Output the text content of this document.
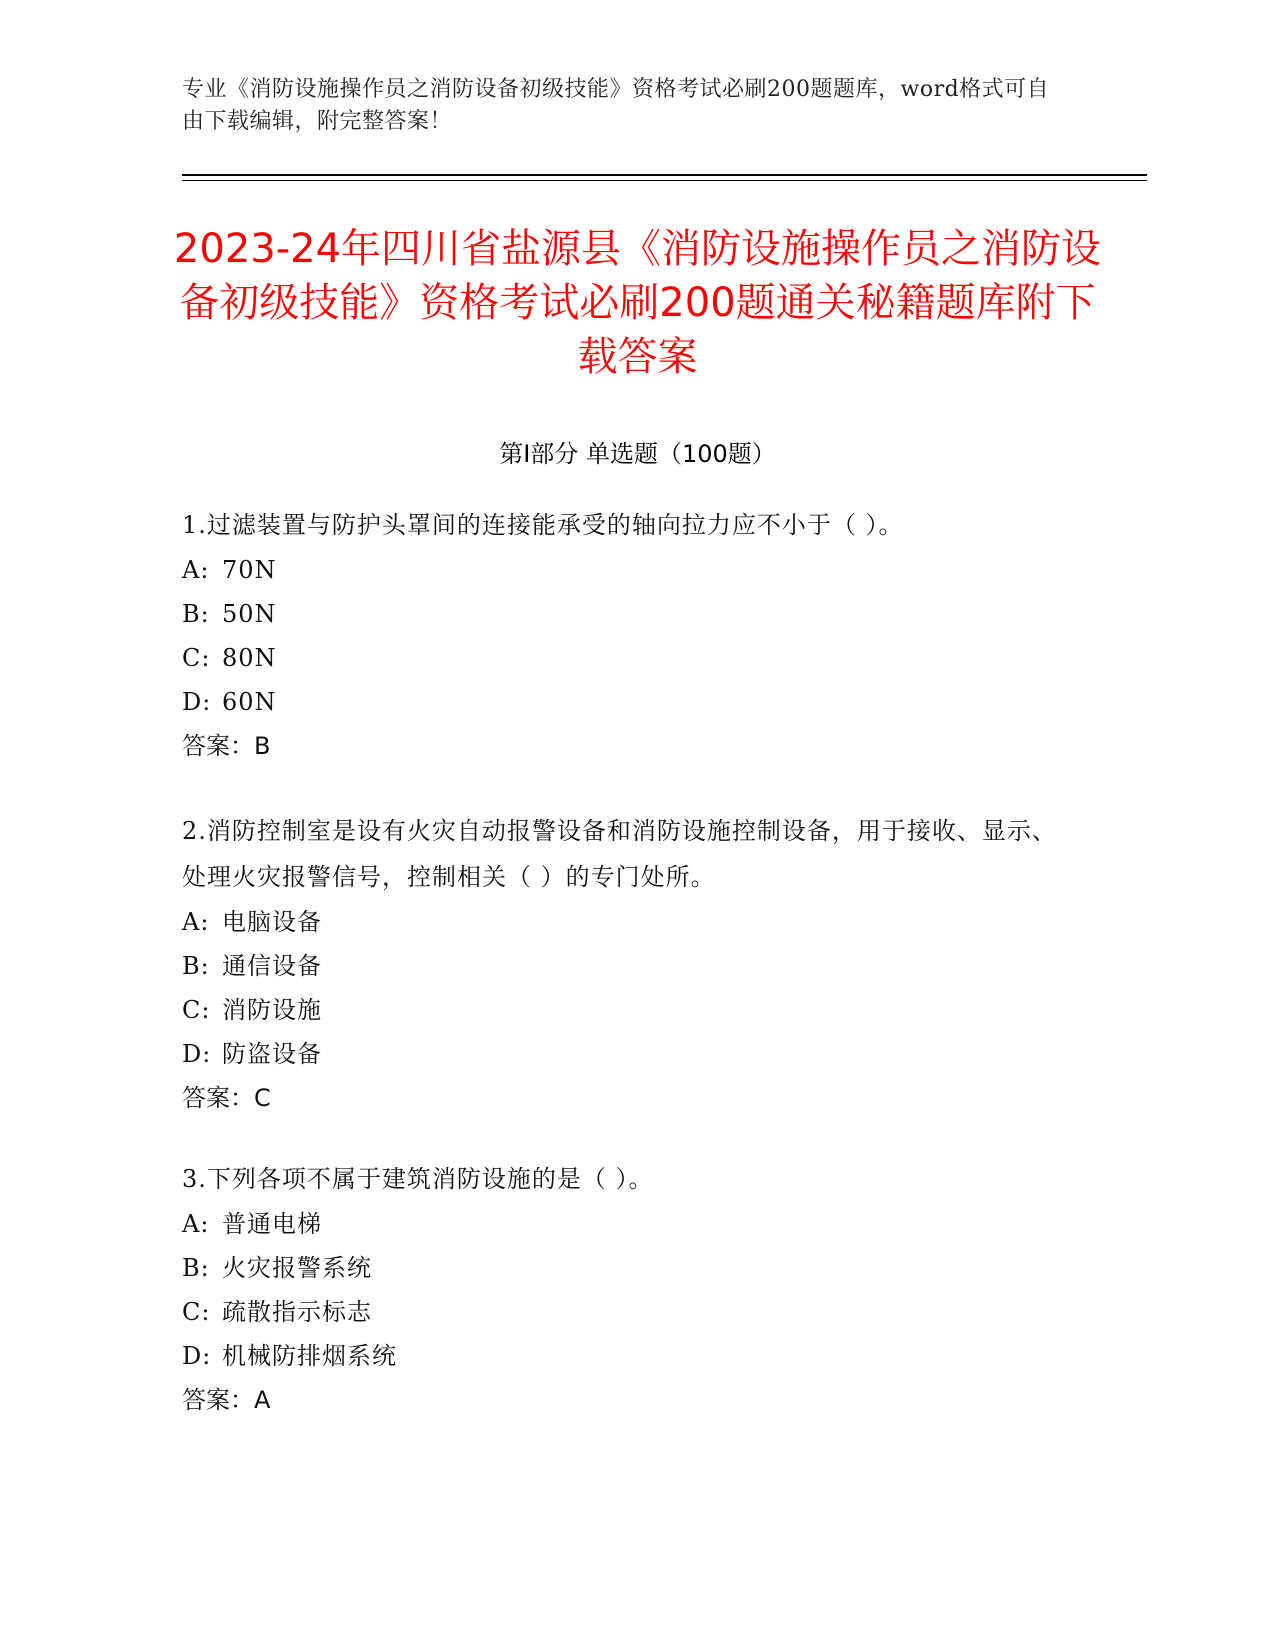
专业《消防设施操作员之消防设备初级技能》资格考试必刷200题题库，word格式可自由下载编辑，附完整答案！
2023-24年四川省盐源县《消防设施操作员之消防设备初级技能》资格考试必刷200题通关秘籍题库附下载答案
第Ⅰ部分 单选题（100题）
1.过滤装置与防护头罩间的连接能承受的轴向拉力应不小于（ ）。
A: 70N
B: 50N
C: 80N
D: 60N
答案：B
2.消防控制室是设有火灾自动报警设备和消防设施控制设备，用于接收、显示、处理火灾报警信号，控制相关（ ）的专门处所。
A: 电脑设备
B: 通信设备
C: 消防设施
D: 防盗设备
答案：C
3.下列各项不属于建筑消防设施的是（ ）。
A: 普通电梯
B: 火灾报警系统
C: 疏散指示标志
D: 机械防排烟系统
答案：A
